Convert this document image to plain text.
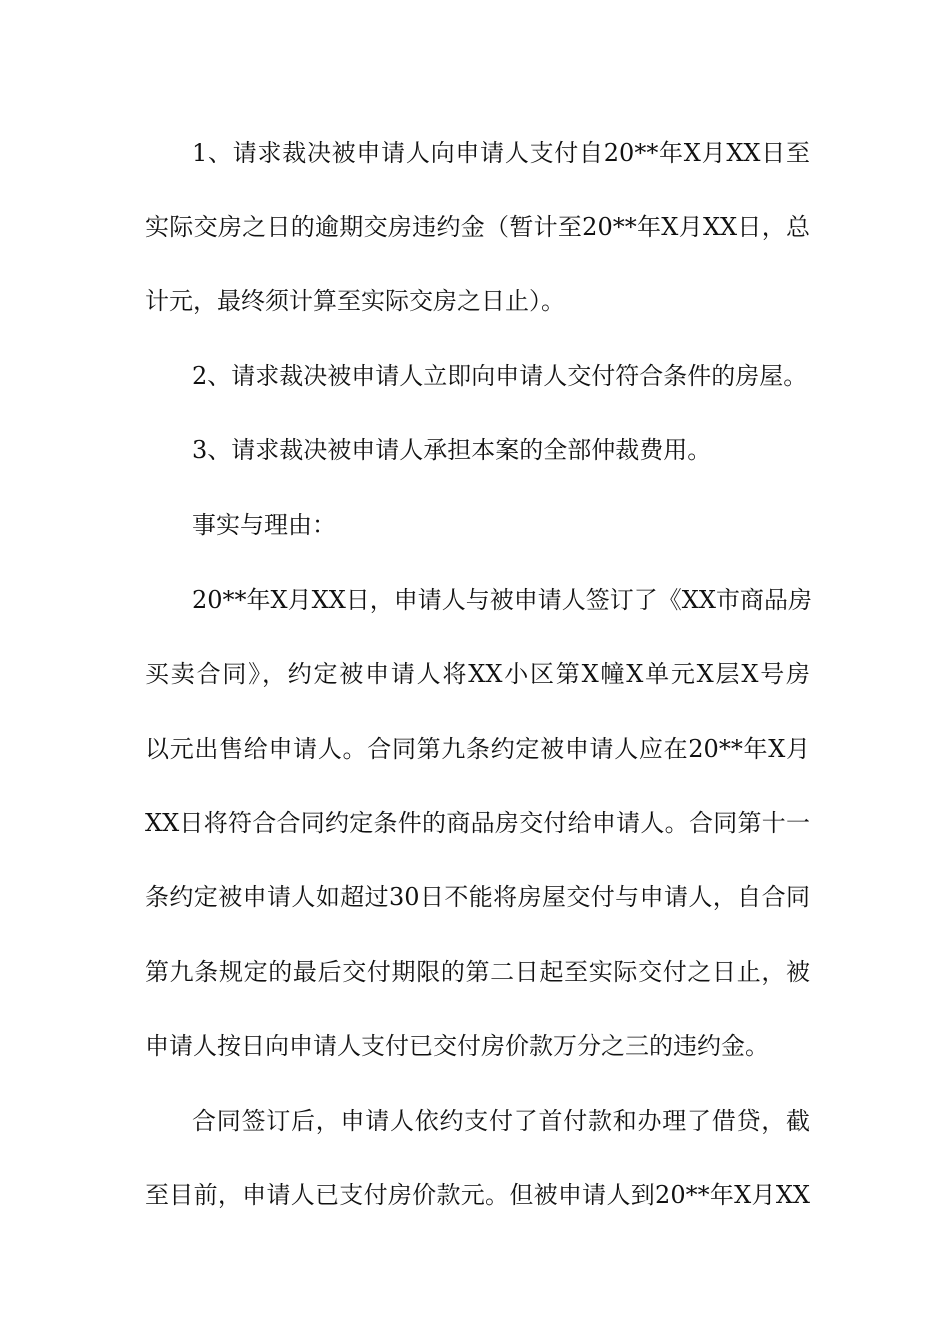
1、请求裁决被申请人向申请人支付自20**年X月XX日至
实际交房之日的逾期交房违约金（暂计至20**年X月XX日，总
计元，最终须计算至实际交房之日止）。
2、请求裁决被申请人立即向申请人交付符合条件的房屋。
3、请求裁决被申请人承担本案的全部仲裁费用。
事实与理由：
20**年X月XX日，申请人与被申请人签订了《XX市商品房
买卖合同》，约定被申请人将XX小区第X幢X单元X层X号房
以元出售给申请人。合同第九条约定被申请人应在20**年X月
XX日将符合合同约定条件的商品房交付给申请人。合同第十一
条约定被申请人如超过30日不能将房屋交付与申请人，自合同
第九条规定的最后交付期限的第二日起至实际交付之日止，被
申请人按日向申请人支付已交付房价款万分之三的违约金。
合同签订后，申请人依约支付了首付款和办理了借贷，截
至目前，申请人已支付房价款元。但被申请人到20**年X月XX
